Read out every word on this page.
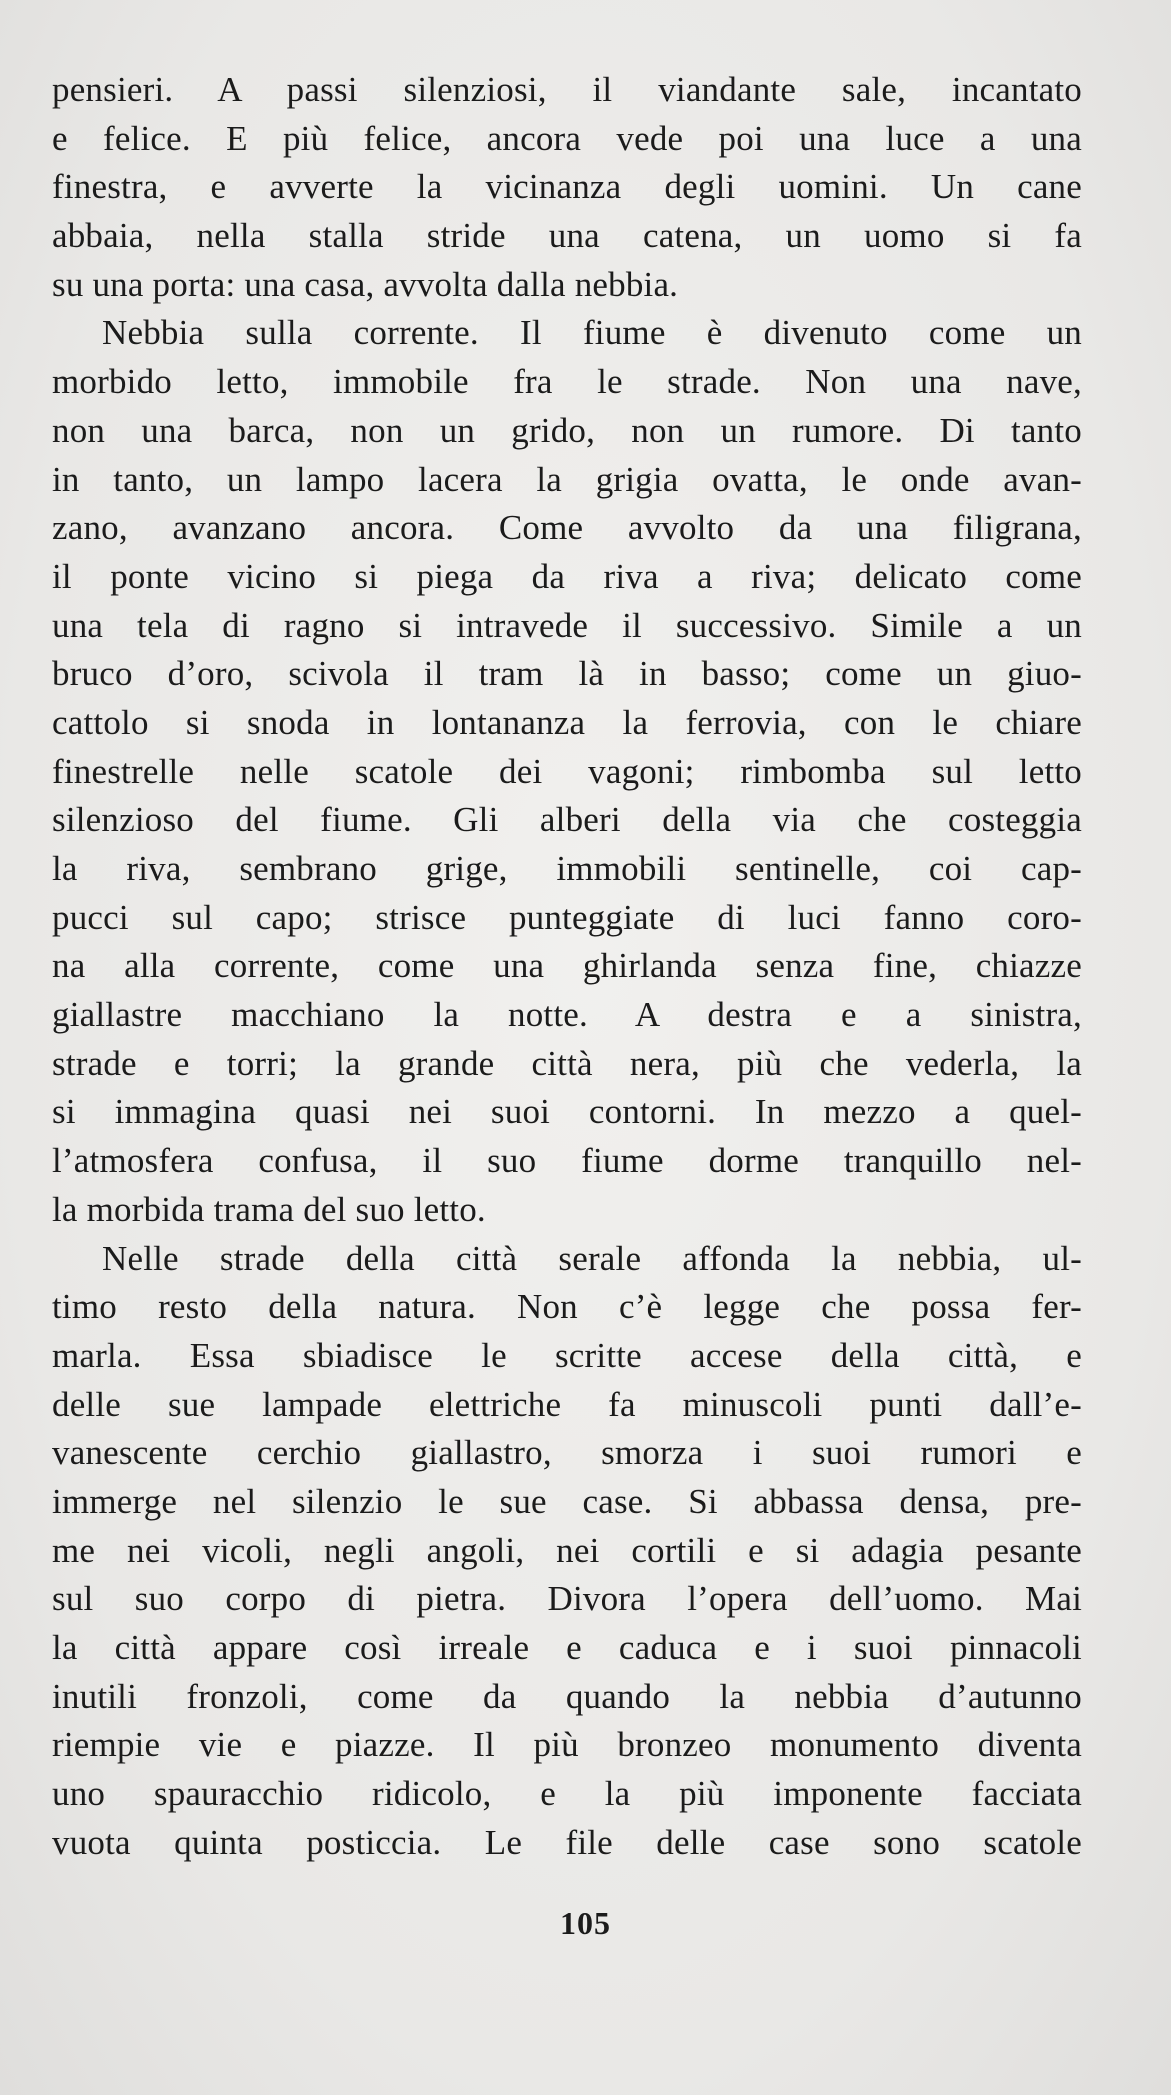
pensieri. A passi silenziosi, il viandante sale, incantato
e felice. E più felice, ancora vede poi una luce a una
finestra, e avverte la vicinanza degli uomini. Un cane
abbaia, nella stalla stride una catena, un uomo si fa
su una porta: una casa, avvolta dalla nebbia.
Nebbia sulla corrente. Il fiume è divenuto come un
morbido letto, immobile fra le strade. Non una nave,
non una barca, non un grido, non un rumore. Di tanto
in tanto, un lampo lacera la grigia ovatta, le onde avan-
zano, avanzano ancora. Come avvolto da una filigrana,
il ponte vicino si piega da riva a riva; delicato come
una tela di ragno si intravede il successivo. Simile a un
bruco d’oro, scivola il tram là in basso; come un giuo-
cattolo si snoda in lontananza la ferrovia, con le chiare
finestrelle nelle scatole dei vagoni; rimbomba sul letto
silenzioso del fiume. Gli alberi della via che costeggia
la riva, sembrano grige, immobili sentinelle, coi cap-
pucci sul capo; strisce punteggiate di luci fanno coro-
na alla corrente, come una ghirlanda senza fine, chiazze
giallastre macchiano la notte. A destra e a sinistra,
strade e torri; la grande città nera, più che vederla, la
si immagina quasi nei suoi contorni. In mezzo a quel-
l’atmosfera confusa, il suo fiume dorme tranquillo nel-
la morbida trama del suo letto.
Nelle strade della città serale affonda la nebbia, ul-
timo resto della natura. Non c’è legge che possa fer-
marla. Essa sbiadisce le scritte accese della città, e
delle sue lampade elettriche fa minuscoli punti dall’e-
vanescente cerchio giallastro, smorza i suoi rumori e
immerge nel silenzio le sue case. Si abbassa densa, pre-
me nei vicoli, negli angoli, nei cortili e si adagia pesante
sul suo corpo di pietra. Divora l’opera dell’uomo. Mai
la città appare così irreale e caduca e i suoi pinnacoli
inutili fronzoli, come da quando la nebbia d’autunno
riempie vie e piazze. Il più bronzeo monumento diventa
uno spauracchio ridicolo, e la più imponente facciata
vuota quinta posticcia. Le file delle case sono scatole
105
